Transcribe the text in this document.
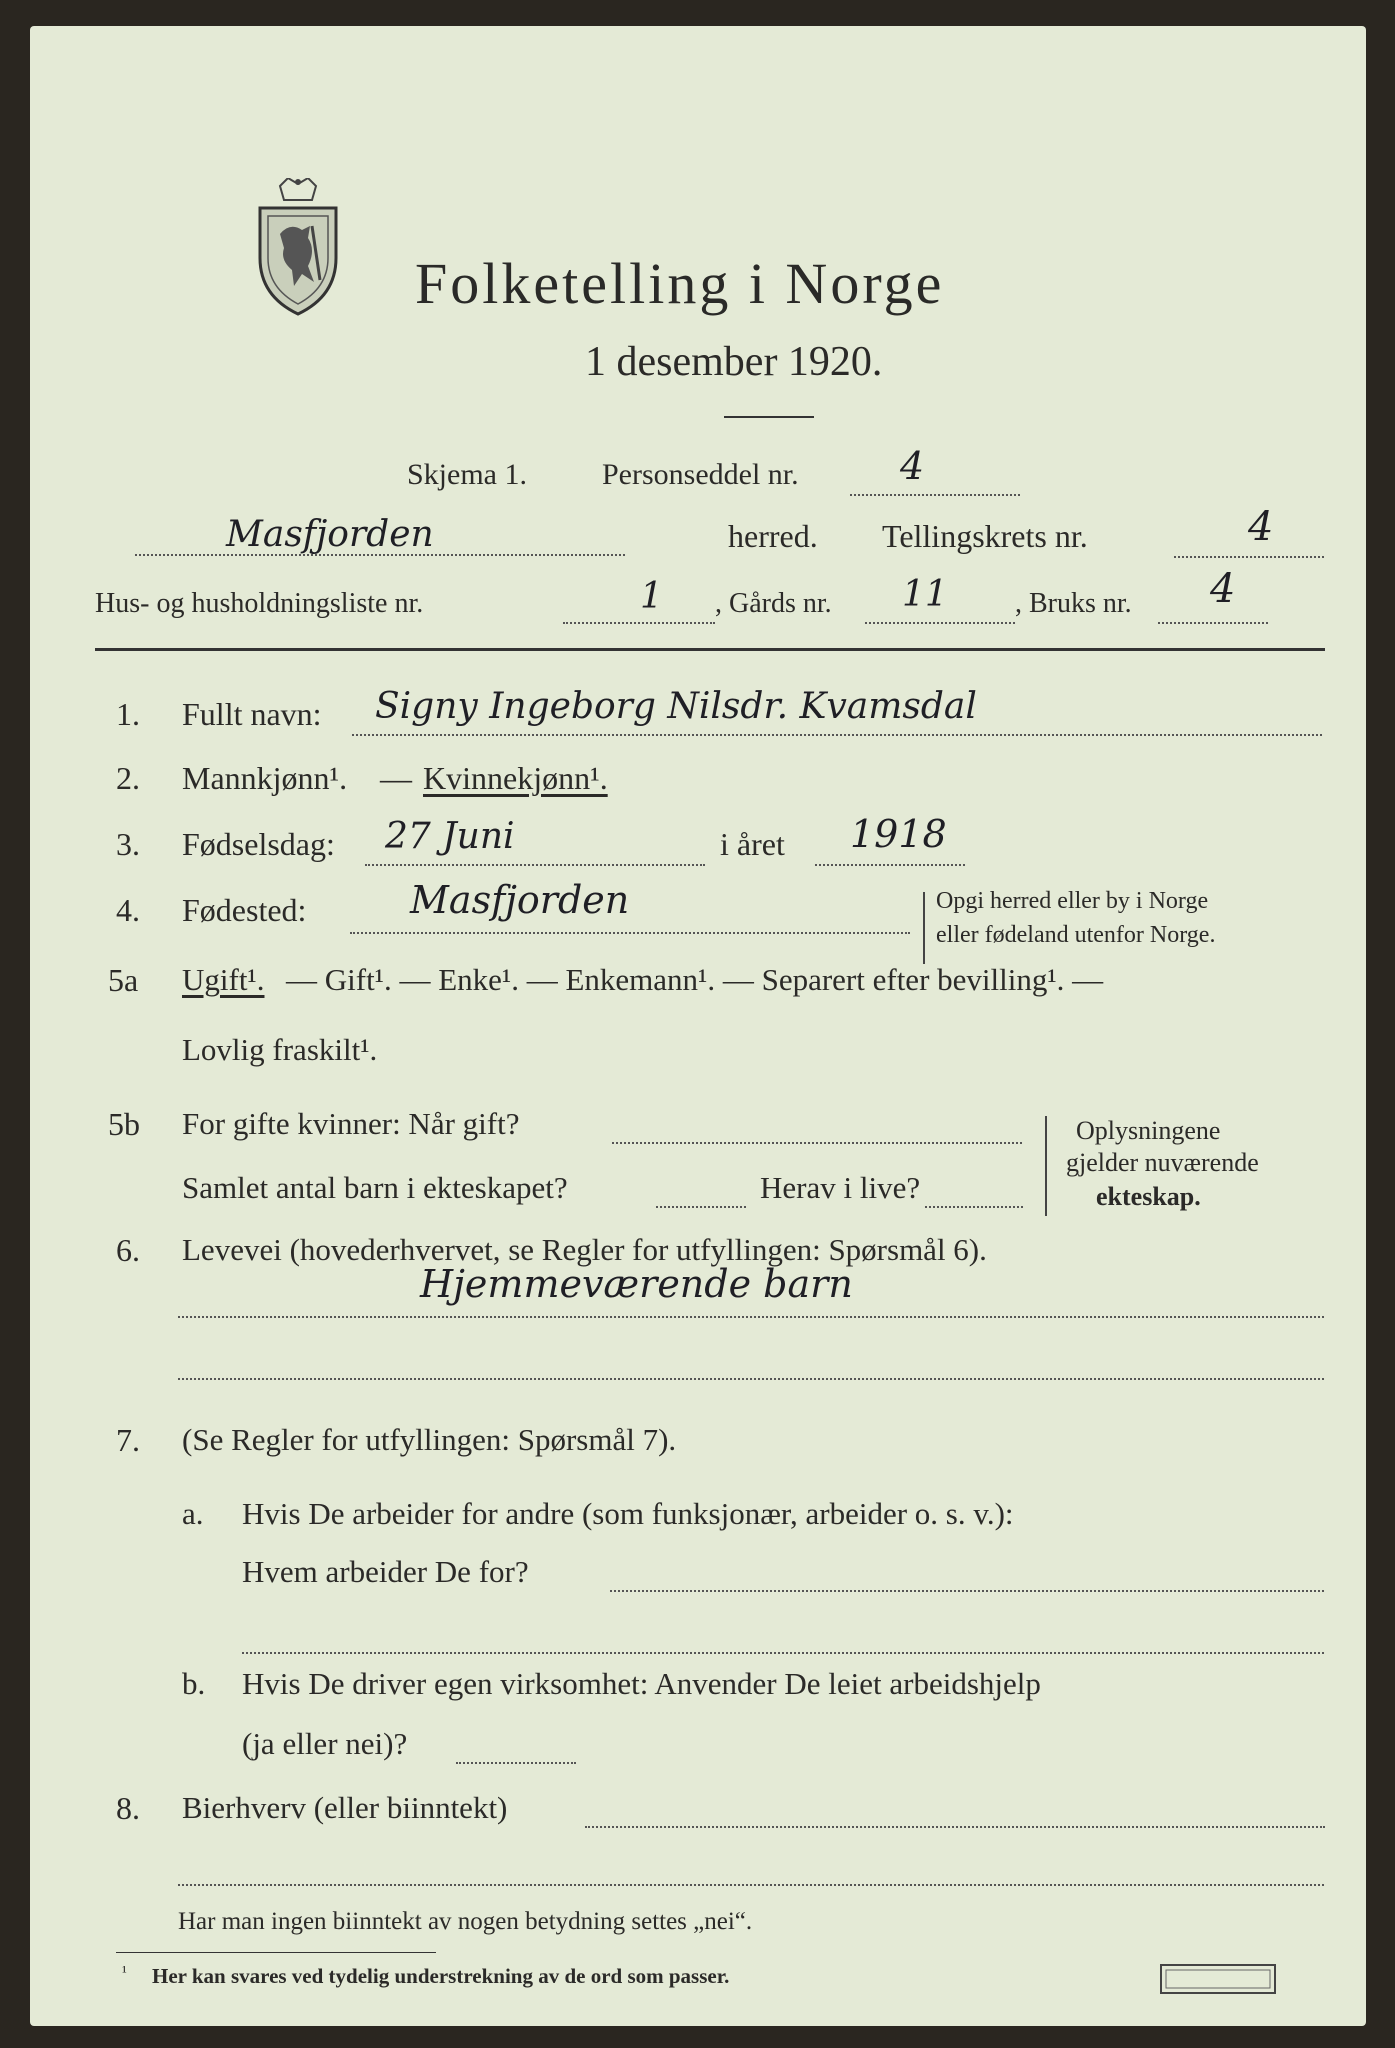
Folketelling i Norge
1 desember 1920.
Skjema 1.	Personseddel nr.	4
Masfjorden	herred. Tellingskrets nr.	4
Hus- og husholdningsliste nr.	1 , Gårds nr. 11 , Bruks nr. 4
1. Fullt navn: Signy Ingeborg Nilsdr. Kvamsdal
2. Mannkjønn¹. — Kvinnekjønn¹.
3. Fødselsdag: 27 Juni	i året 1918
4. Fødested:	Masfjorden	Opgi herred eller by i Norge
eller fødeland utenfor Norge.
5a Ugift¹. — Gift¹. — Enke¹. — Enkemann¹. — Separert efter bevilling¹. —
Lovlig fraskilt¹.
5b For gifte kvinner: Når gift?
Samlet antal barn i ekteskapet?	Herav i live?
Oplysningene
gjelder nuværende
ekteskap.
6. Levevei (hovederhvervet, se Regler for utfyllingen: Spørsmål 6).
Hjemmeværende barn
7. (Se Regler for utfyllingen: Spørsmål 7).
a. Hvis De arbeider for andre (som funksjonær, arbeider o. s. v.):
Hvem arbeider De for?
b. Hvis De driver egen virksomhet: Anvender De leiet arbeidshjelp
(ja eller nei)?
8. Bierhverv (eller biinntekt)
Har man ingen biinntekt av nogen betydning settes „nei“.
¹ Her kan svares ved tydelig understrekning av de ord som passer.
